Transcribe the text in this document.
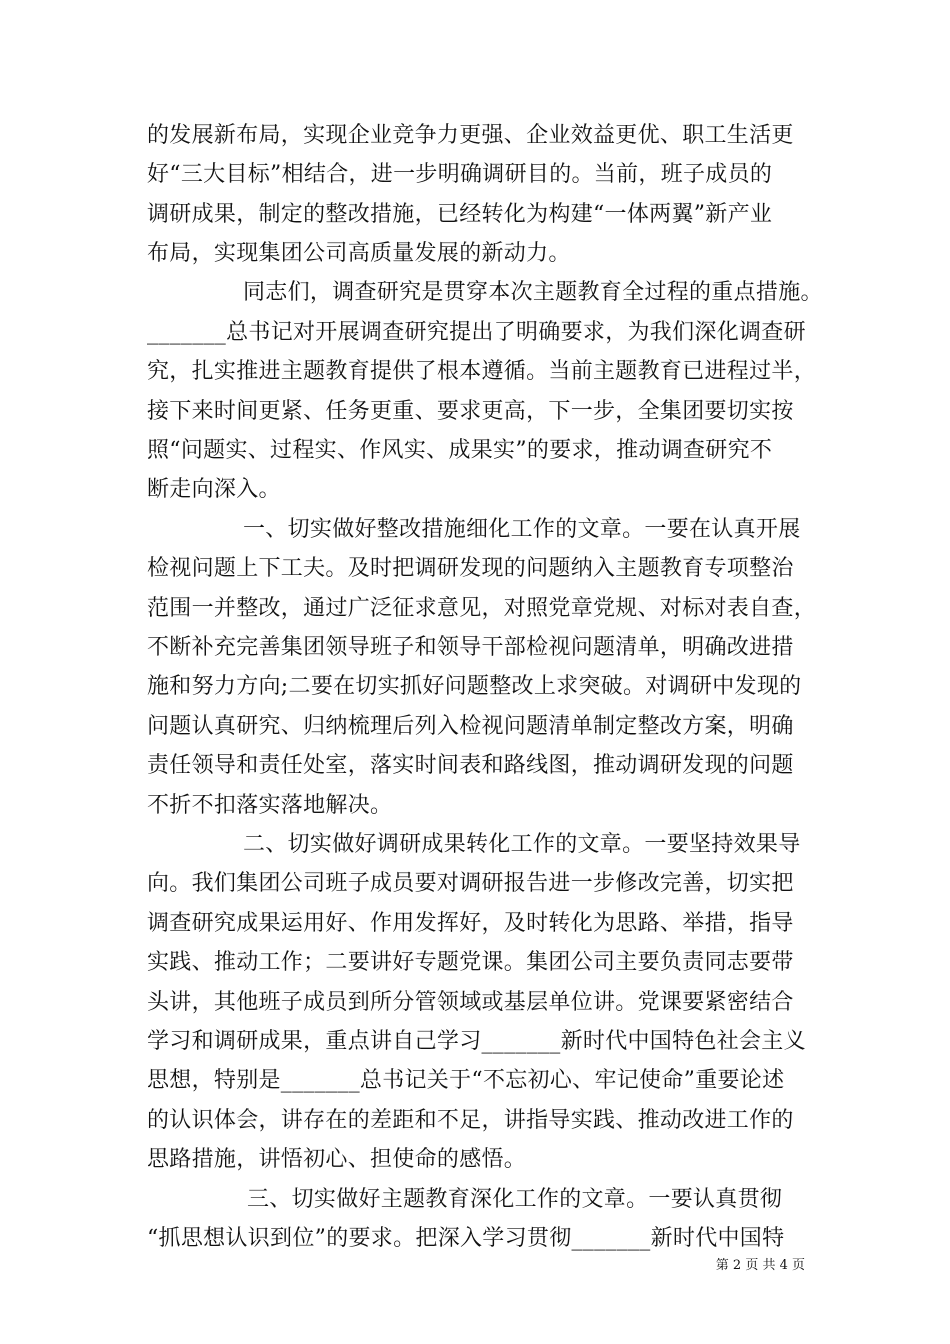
的发展新布局，实现企业竞争力更强、企业效益更优、职工生活更
好“三大目标”相结合，进一步明确调研目的。当前，班子成员的
调研成果，制定的整改措施，已经转化为构建“一体两翼”新产业
布局，实现集团公司高质量发展的新动力。
同志们，调查研究是贯穿本次主题教育全过程的重点措施。
_______总书记对开展调查研究提出了明确要求，为我们深化调查研
究，扎实推进主题教育提供了根本遵循。当前主题教育已进程过半，
接下来时间更紧、任务更重、要求更高，下一步，全集团要切实按
照“问题实、过程实、作风实、成果实”的要求，推动调查研究不
断走向深入。
一、切实做好整改措施细化工作的文章。一要在认真开展
检视问题上下工夫。及时把调研发现的问题纳入主题教育专项整治
范围一并整改，通过广泛征求意见，对照党章党规、对标对表自查，
不断补充完善集团领导班子和领导干部检视问题清单，明确改进措
施和努力方向;二要在切实抓好问题整改上求突破。对调研中发现的
问题认真研究、归纳梳理后列入检视问题清单制定整改方案，明确
责任领导和责任处室，落实时间表和路线图，推动调研发现的问题
不折不扣落实落地解决。
二、切实做好调研成果转化工作的文章。一要坚持效果导
向。我们集团公司班子成员要对调研报告进一步修改完善，切实把
调查研究成果运用好、作用发挥好，及时转化为思路、举措，指导
实践、推动工作；二要讲好专题党课。集团公司主要负责同志要带
头讲，其他班子成员到所分管领域或基层单位讲。党课要紧密结合
学习和调研成果，重点讲自己学习_______新时代中国特色社会主义
思想，特别是_______总书记关于“不忘初心、牢记使命”重要论述
的认识体会，讲存在的差距和不足，讲指导实践、推动改进工作的
思路措施，讲悟初心、担使命的感悟。
三、切实做好主题教育深化工作的文章。一要认真贯彻
“抓思想认识到位”的要求。把深入学习贯彻_______新时代中国特
第 2 页 共 4 页
